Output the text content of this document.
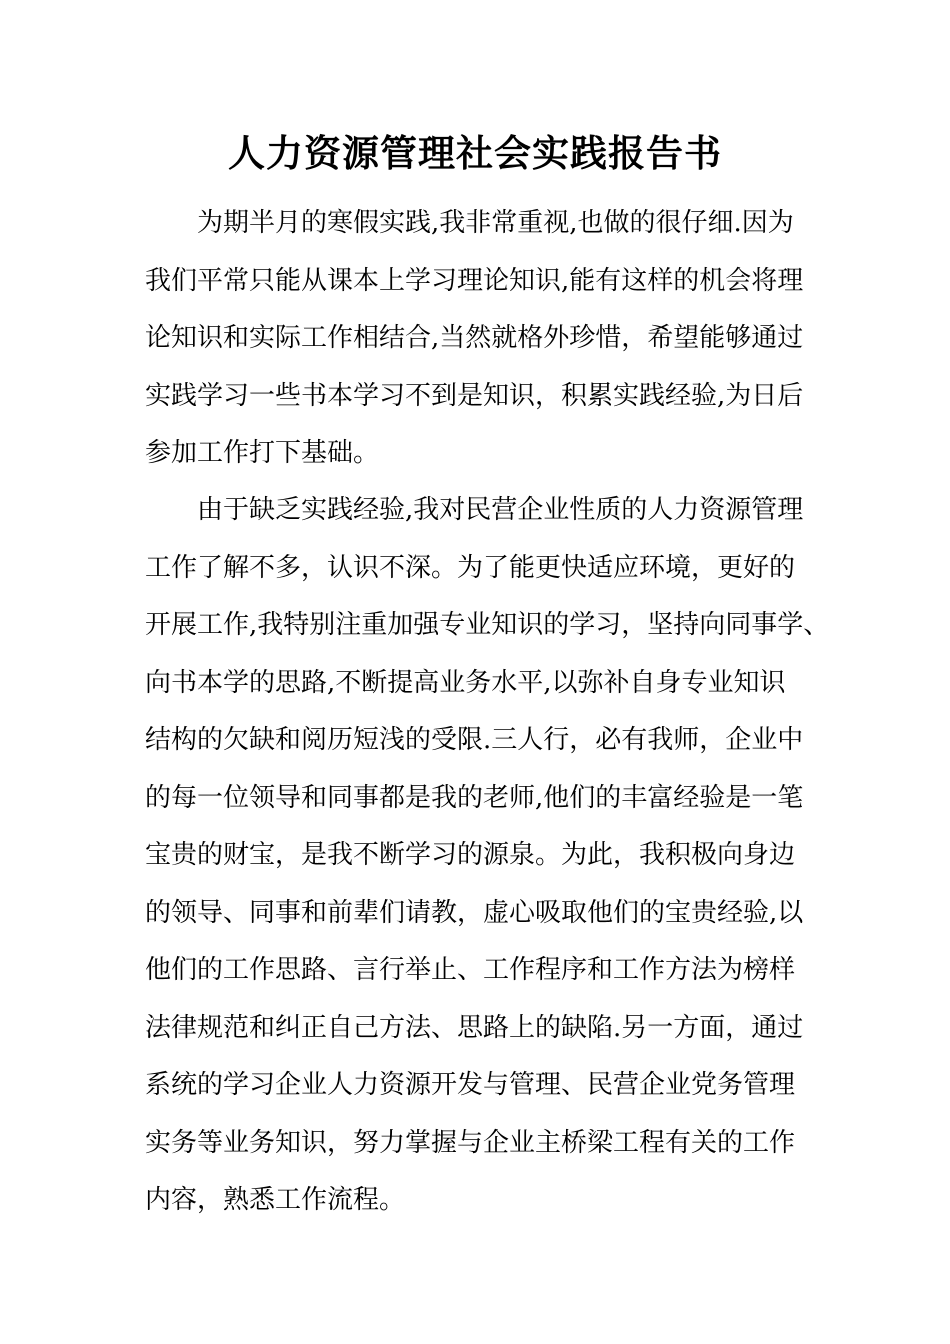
人力资源管理社会实践报告书
为期半月的寒假实践,我非常重视,也做的很仔细.因为
我们平常只能从课本上学习理论知识,能有这样的机会将理
论知识和实际工作相结合,当然就格外珍惜，希望能够通过
实践学习一些书本学习不到是知识，积累实践经验,为日后
参加工作打下基础。
由于缺乏实践经验,我对民营企业性质的人力资源管理
工作了解不多，认识不深。为了能更快适应环境，更好的
开展工作,我特别注重加强专业知识的学习，坚持向同事学、
向书本学的思路,不断提高业务水平,以弥补自身专业知识
结构的欠缺和阅历短浅的受限.三人行，必有我师，企业中
的每一位领导和同事都是我的老师,他们的丰富经验是一笔
宝贵的财宝，是我不断学习的源泉。为此，我积极向身边
的领导、同事和前辈们请教，虚心吸取他们的宝贵经验,以
他们的工作思路、言行举止、工作程序和工作方法为榜样
法律规范和纠正自己方法、思路上的缺陷.另一方面，通过
系统的学习企业人力资源开发与管理、民营企业党务管理
实务等业务知识，努力掌握与企业主桥梁工程有关的工作
内容，熟悉工作流程。
